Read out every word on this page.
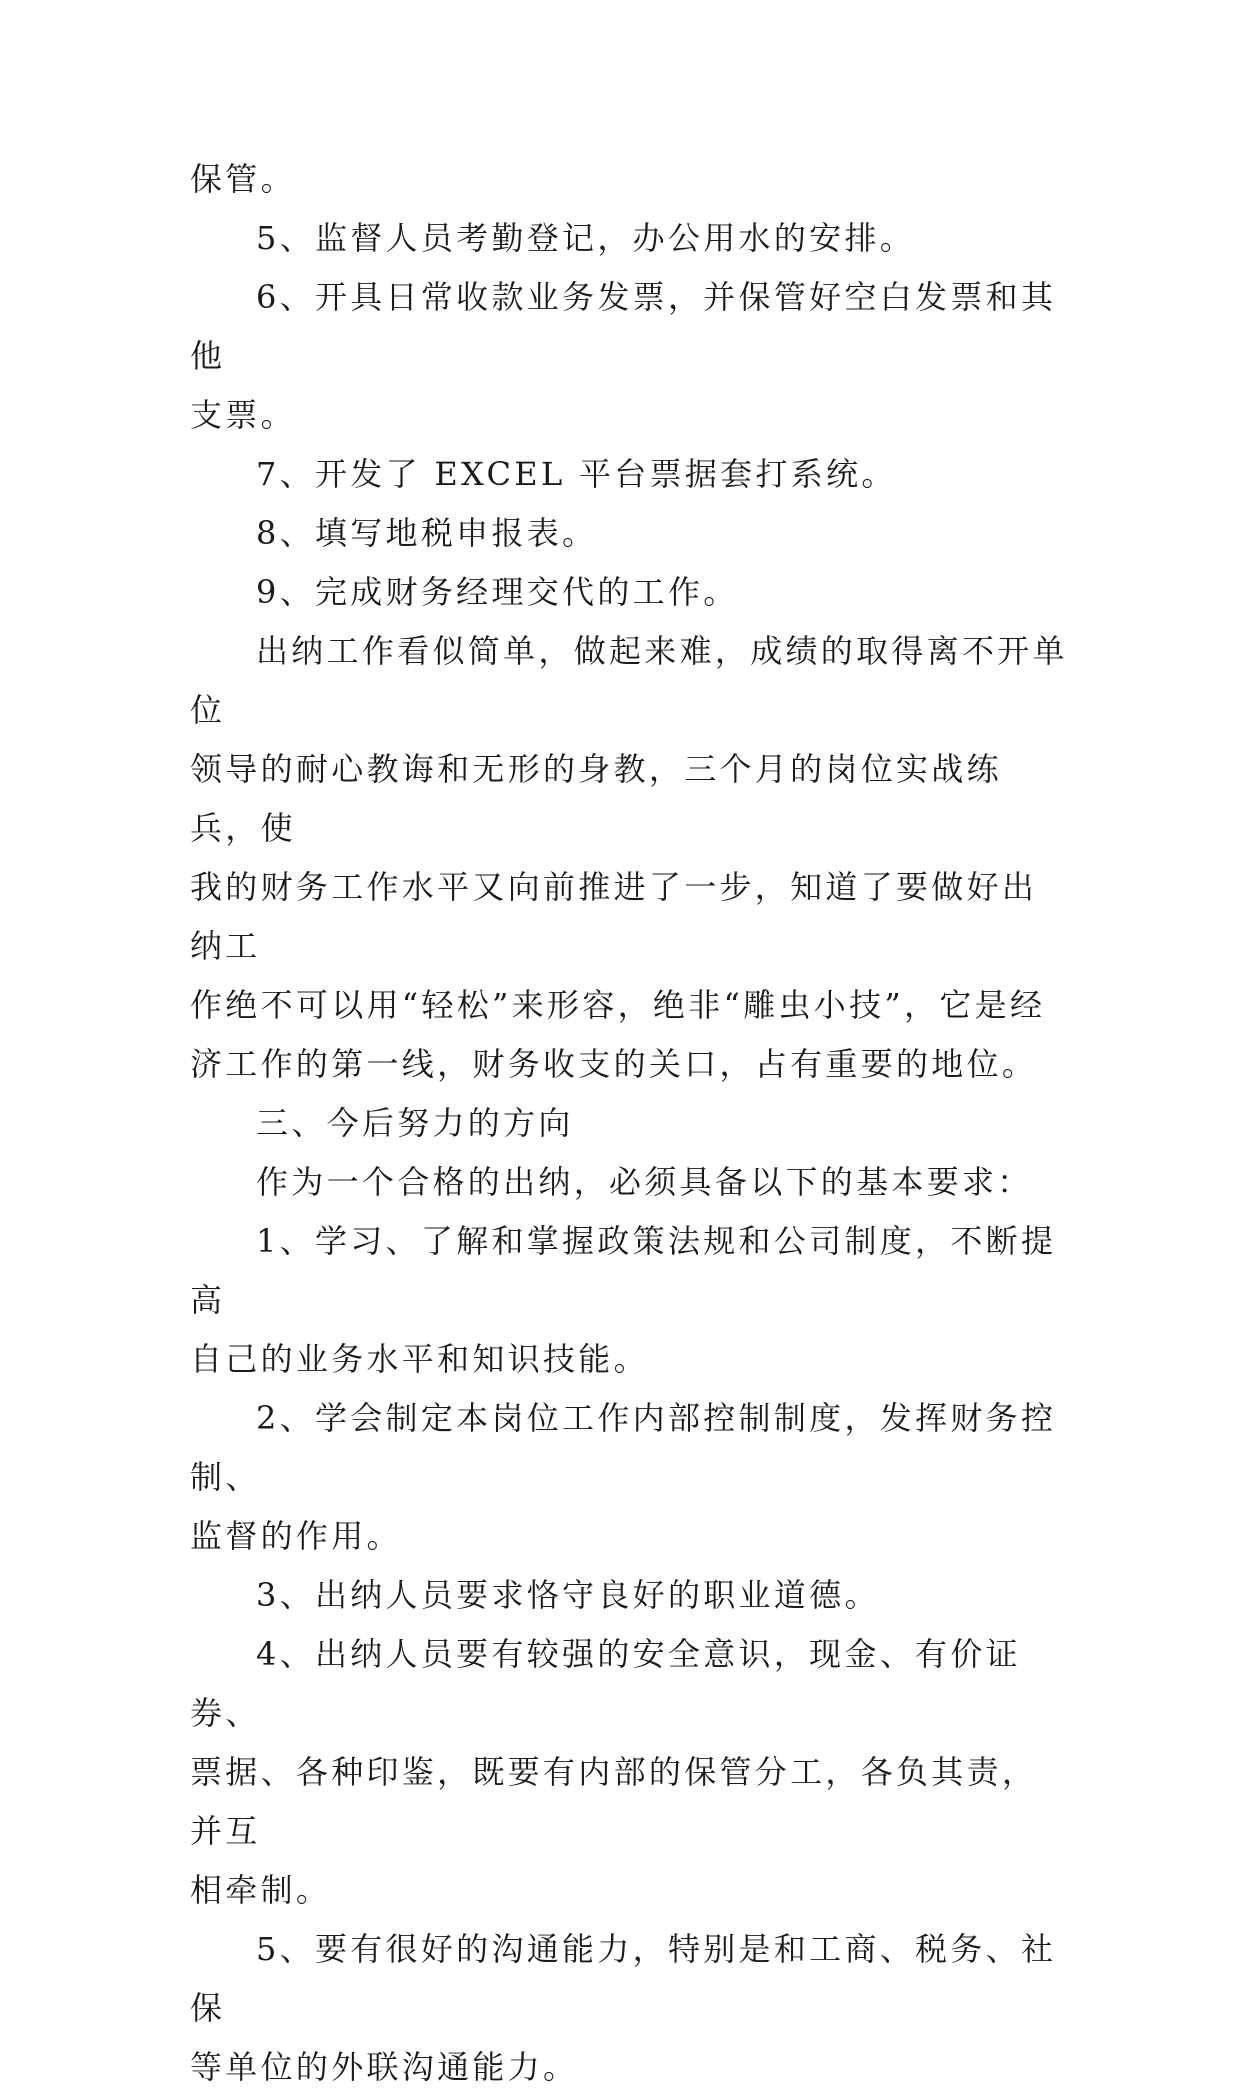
保管。

5、监督人员考勤登记，办公用水的安排。

6、开具日常收款业务发票，并保管好空白发票和其他
支票。

7、开发了 EXCEL 平台票据套打系统。

8、填写地税申报表。

9、完成财务经理交代的工作。

出纳工作看似简单，做起来难，成绩的取得离不开单位
领导的耐心教诲和无形的身教，三个月的岗位实战练兵，使
我的财务工作水平又向前推进了一步，知道了要做好出纳工
作绝不可以用“轻松”来形容，绝非“雕虫小技”，它是经
济工作的第一线，财务收支的关口，占有重要的地位。

三、今后努力的方向

作为一个合格的出纳，必须具备以下的基本要求：

1、学习、了解和掌握政策法规和公司制度，不断提高
自己的业务水平和知识技能。

2、学会制定本岗位工作内部控制制度，发挥财务控制、
监督的作用。

3、出纳人员要求恪守良好的职业道德。

4、出纳人员要有较强的安全意识，现金、有价证券、
票据、各种印鉴，既要有内部的保管分工，各负其责，并互
相牵制。

5、要有很好的沟通能力，特别是和工商、税务、社保
等单位的外联沟通能力。
